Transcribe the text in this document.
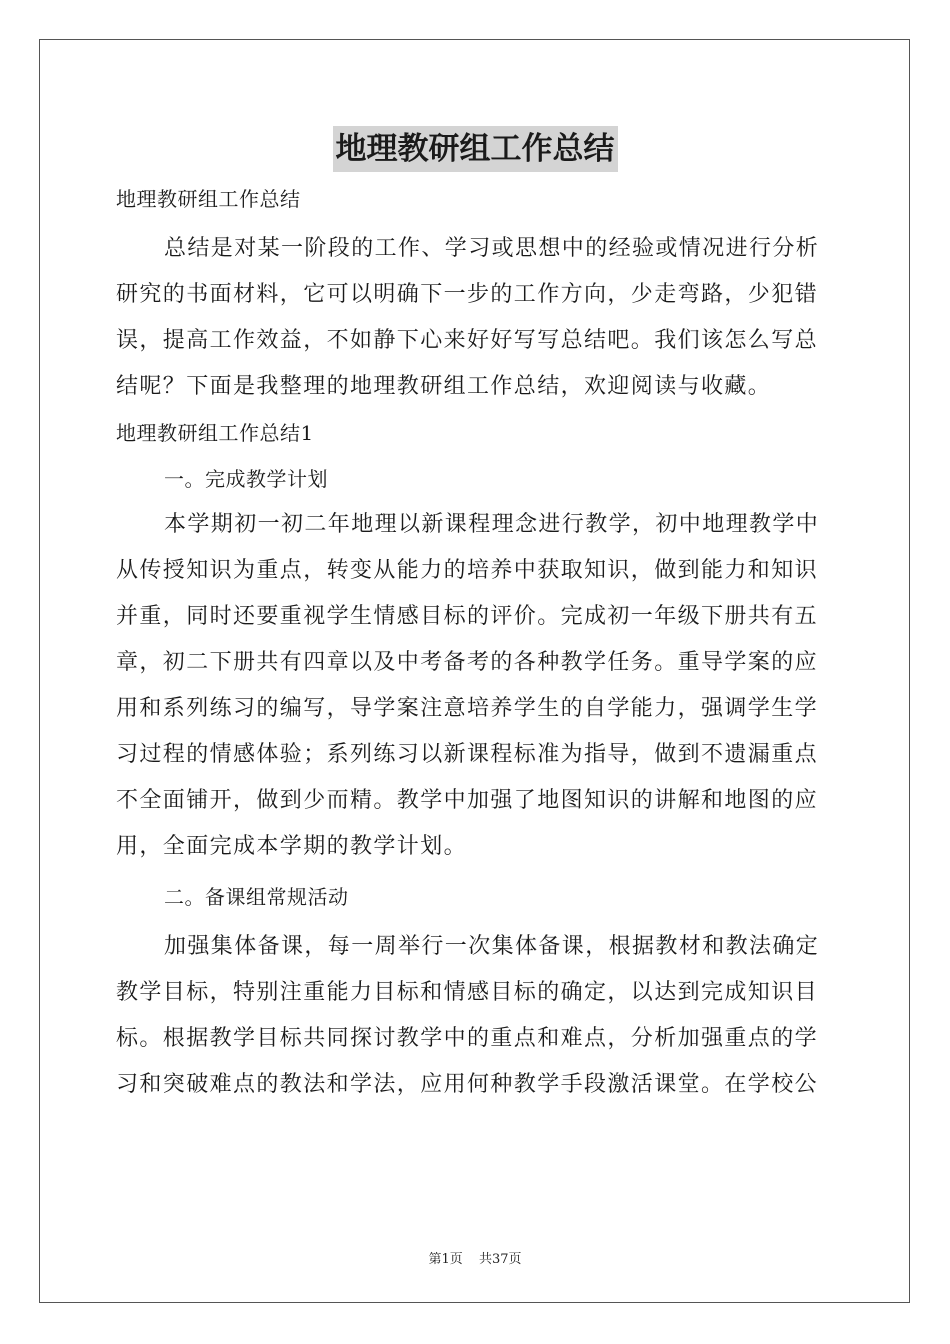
地理教研组工作总结
地理教研组工作总结
总结是对某一阶段的工作、学习或思想中的经验或情况进行分析
研究的书面材料，它可以明确下一步的工作方向，少走弯路，少犯错
误，提高工作效益，不如静下心来好好写写总结吧。我们该怎么写总
结呢？下面是我整理的地理教研组工作总结，欢迎阅读与收藏。
地理教研组工作总结1
一。完成教学计划
本学期初一初二年地理以新课程理念进行教学，初中地理教学中
从传授知识为重点，转变从能力的培养中获取知识，做到能力和知识
并重，同时还要重视学生情感目标的评价。完成初一年级下册共有五
章，初二下册共有四章以及中考备考的各种教学任务。重导学案的应
用和系列练习的编写，导学案注意培养学生的自学能力，强调学生学
习过程的情感体验；系列练习以新课程标准为指导，做到不遗漏重点
不全面铺开，做到少而精。教学中加强了地图知识的讲解和地图的应
用，全面完成本学期的教学计划。
二。备课组常规活动
加强集体备课，每一周举行一次集体备课，根据教材和教法确定
教学目标，特别注重能力目标和情感目标的确定，以达到完成知识目
标。根据教学目标共同探讨教学中的重点和难点，分析加强重点的学
习和突破难点的教法和学法，应用何种教学手段激活课堂。在学校公
第1页 共37页
